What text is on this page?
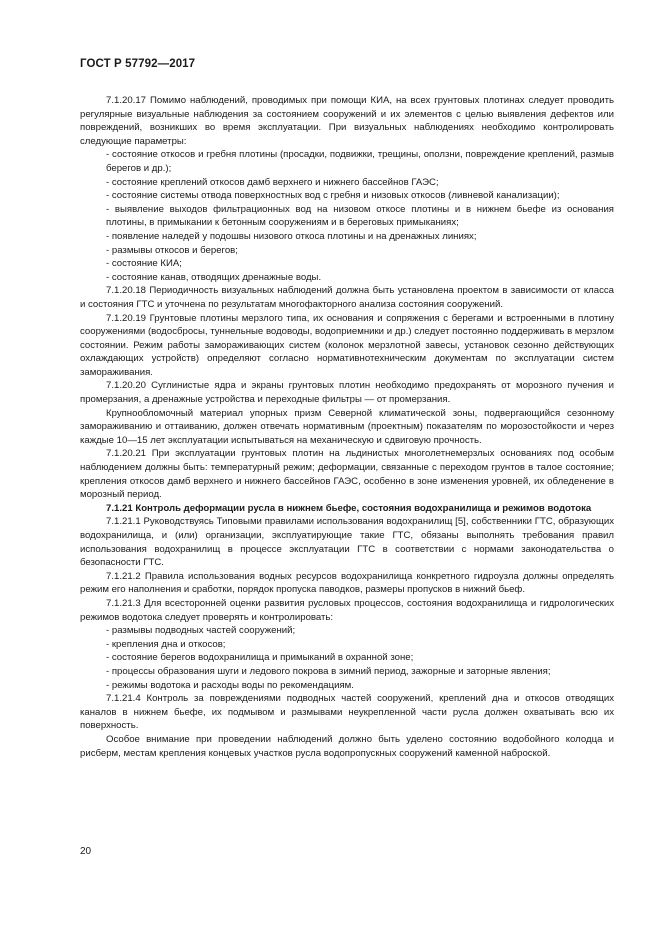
ГОСТ Р 57792—2017

7.1.20.17 Помимо наблюдений, проводимых при помощи КИА, на всех грунтовых плотинах следует проводить регулярные визуальные наблюдения за состоянием сооружений и их элементов с целью выявления дефектов или повреждений, возникших во время эксплуатации. При визуальных наблюдениях необходимо контролировать следующие параметры:

- состояние откосов и гребня плотины (просадки, подвижки, трещины, оползни, повреждение креплений, размыв берегов и др.);

- состояние креплений откосов дамб верхнего и нижнего бассейнов ГАЭС;

- состояние системы отвода поверхностных вод с гребня и низовых откосов (ливневой канализации);

- выявление выходов фильтрационных вод на низовом откосе плотины и в нижнем бьефе из основания плотины, в примыкании к бетонным сооружениям и в береговых примыканиях;

- появление наледей у подошвы низового откоса плотины и на дренажных линиях;

- размывы откосов и берегов;

- состояние КИА;

- состояние канав, отводящих дренажные воды.

7.1.20.18 Периодичность визуальных наблюдений должна быть установлена проектом в зависимости от класса и состояния ГТС и уточнена по результатам многофакторного анализа состояния сооружений.

7.1.20.19 Грунтовые плотины мерзлого типа, их основания и сопряжения с берегами и встроенными в плотину сооружениями (водосбросы, туннельные водоводы, водоприемники и др.) следует постоянно поддерживать в мерзлом состоянии. Режим работы замораживающих систем (колонок мерзлотной завесы, установок сезонно действующих охлаждающих устройств) определяют согласно нормативнотехническим документам по эксплуатации систем замораживания.

7.1.20.20 Суглинистые ядра и экраны грунтовых плотин необходимо предохранять от морозного пучения и промерзания, а дренажные устройства и переходные фильтры — от промерзания.

Крупнообломочный материал упорных призм Северной климатической зоны, подвергающийся сезонному замораживанию и оттаиванию, должен отвечать нормативным (проектным) показателям по морозостойкости и через каждые 10—15 лет эксплуатации испытываться на механическую и сдвиговую прочность.

7.1.20.21 При эксплуатации грунтовых плотин на льдинистых многолетнемерзлых основаниях под особым наблюдением должны быть: температурный режим; деформации, связанные с переходом грунтов в талое состояние; крепления откосов дамб верхнего и нижнего бассейнов ГАЭС, особенно в зоне изменения уровней, их обледенение в морозный период.

7.1.21 Контроль деформации русла в нижнем бьефе, состояния водохранилища и режимов водотока

7.1.21.1 Руководствуясь Типовыми правилами использования водохранилищ [5], собственники ГТС, образующих водохранилища, и (или) организации, эксплуатирующие такие ГТС, обязаны выполнять требования правил использования водохранилищ в процессе эксплуатации ГТС в соответствии с нормами законодательства о безопасности ГТС.

7.1.21.2 Правила использования водных ресурсов водохранилища конкретного гидроузла должны определять режим его наполнения и сработки, порядок пропуска паводков, размеры пропусков в нижний бьеф.

7.1.21.3 Для всесторонней оценки развития русловых процессов, состояния водохранилища и гидрологических режимов водотока следует проверять и контролировать:

- размывы подводных частей сооружений;

- крепления дна и откосов;

- состояние берегов водохранилища и примыканий в охранной зоне;

- процессы образования шуги и ледового покрова в зимний период, зажорные и заторные явления;

- режимы водотока и расходы воды по рекомендациям.

7.1.21.4 Контроль за повреждениями подводных частей сооружений, креплений дна и откосов отводящих каналов в нижнем бьефе, их подмывом и размывами неукрепленной части русла должен охватывать всю их поверхность.

Особое внимание при проведении наблюдений должно быть уделено состоянию водобойного колодца и рисберм, местам крепления концевых участков русла водопропускных сооружений каменной наброской.

20
